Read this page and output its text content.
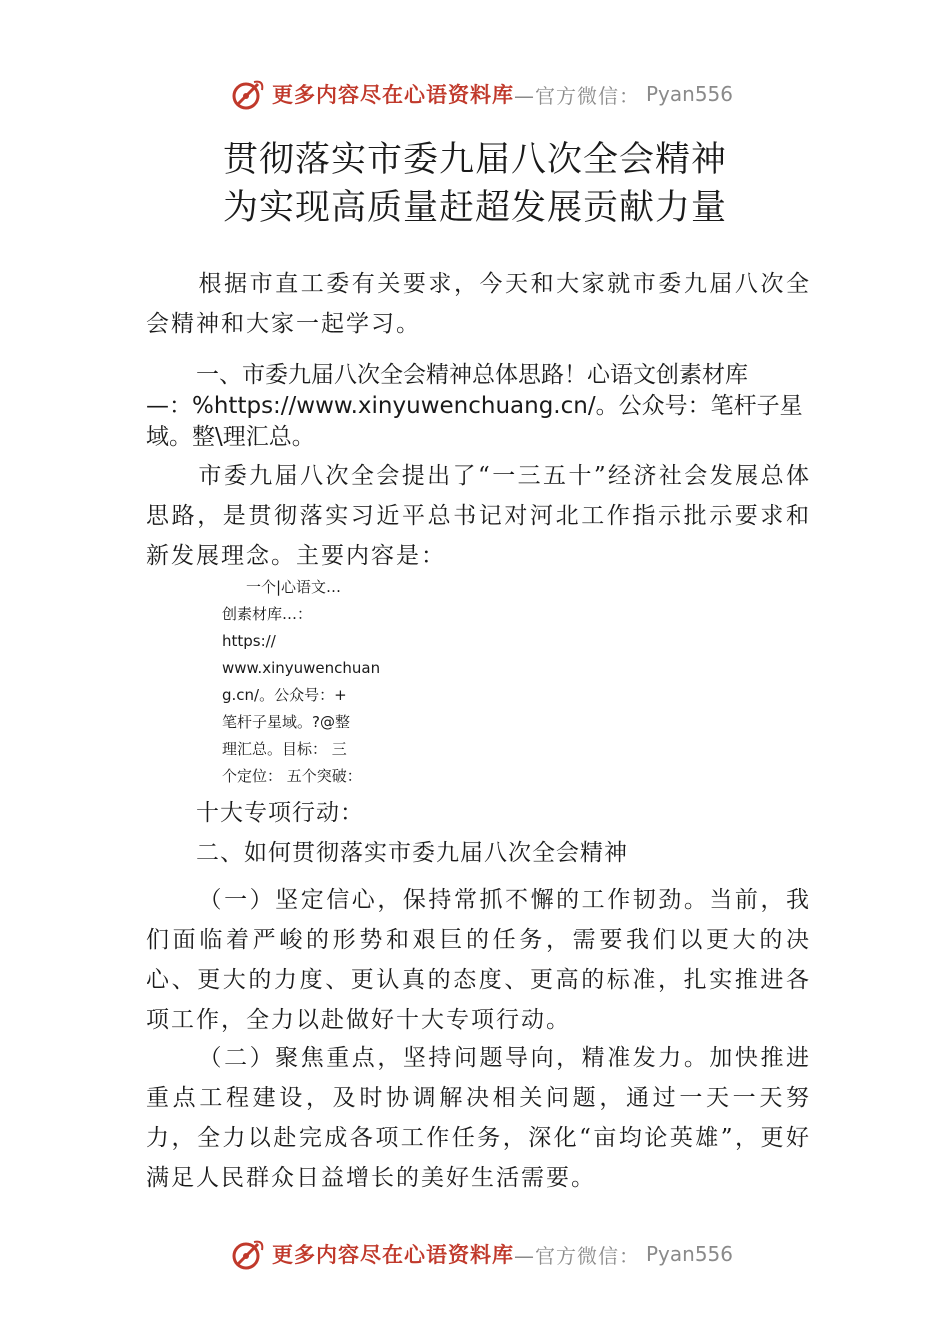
更多内容尽在心语资料库 —官方微信： Pyan556
贯彻落实市委九届八次全会精神
为实现高质量赶超发展贡献力量
根据市直工委有关要求，今天和大家就市委九届八次全会精神和大家一起学习。
一、市委九届八次全会精神总体思路！心语文创素材库
—：%https://www.xinyuwenchuang.cn/。公众号：笔杆子星域。整\理汇总。
市委九届八次全会提出了“一三五十”经济社会发展总体思路，是贯彻落实习近平总书记对河北工作指示批示要求和新发展理念。主要内容是：
一个|心语文…
创素材库…：
https://
www.xinyuwenchuan
g.cn/。公众号：+
笔杆子星域。?@整
理汇总。目标： 三
个定位： 五个突破：
十大专项行动：
二、如何贯彻落实市委九届八次全会精神
（一）坚定信心，保持常抓不懈的工作韧劲。当前，我们面临着严峻的形势和艰巨的任务，需要我们以更大的决心、更大的力度、更认真的态度、更高的标准，扎实推进各项工作，全力以赴做好十大专项行动。
（二）聚焦重点，坚持问题导向，精准发力。加快推进重点工程建设，及时协调解决相关问题，通过一天一天努力，全力以赴完成各项工作任务，深化“亩均论英雄”，更好满足人民群众日益增长的美好生活需要。
更多内容尽在心语资料库 —官方微信： Pyan556
